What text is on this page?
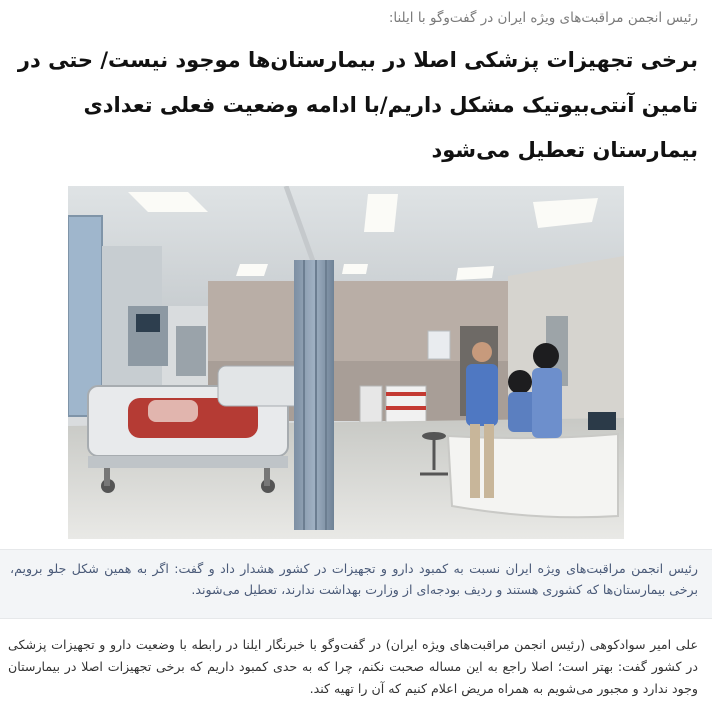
رئیس انجمن مراقبت‌های ویژه ایران در گفت‌وگو با ایلنا:
برخی تجهیزات پزشکی اصلا در بیمارستان‌ها موجود نیست/ حتی در تامین آنتی‌بیوتیک مشکل داریم/با ادامه وضعیت فعلی تعدادی بیمارستان تعطیل می‌شود
رئیس انجمن مراقبت‌های ویژه ایران نسبت به کمبود دارو و تجهیزات در کشور هشدار داد و گفت: اگر به همین شکل جلو برویم، برخی بیمارستان‌ها که کشوری هستند و ردیف بودجه‌ای از وزارت بهداشت ندارند، تعطیل می‌شوند.
علی امیر سوادکوهی (رئیس انجمن مراقبت‌های ویژه ایران) در گفت‌وگو با خبرنگار ایلنا در رابطه با وضعیت دارو و تجهیزات پزشکی در کشور گفت: بهتر است؛ اصلا راجع به این مساله صحبت نکنم، چرا که به حدی کمبود داریم که برخی تجهیزات اصلا در بیمارستان وجود ندارد و مجبور می‌شویم به همراه مریض اعلام کنیم که آن را تهیه کند.
